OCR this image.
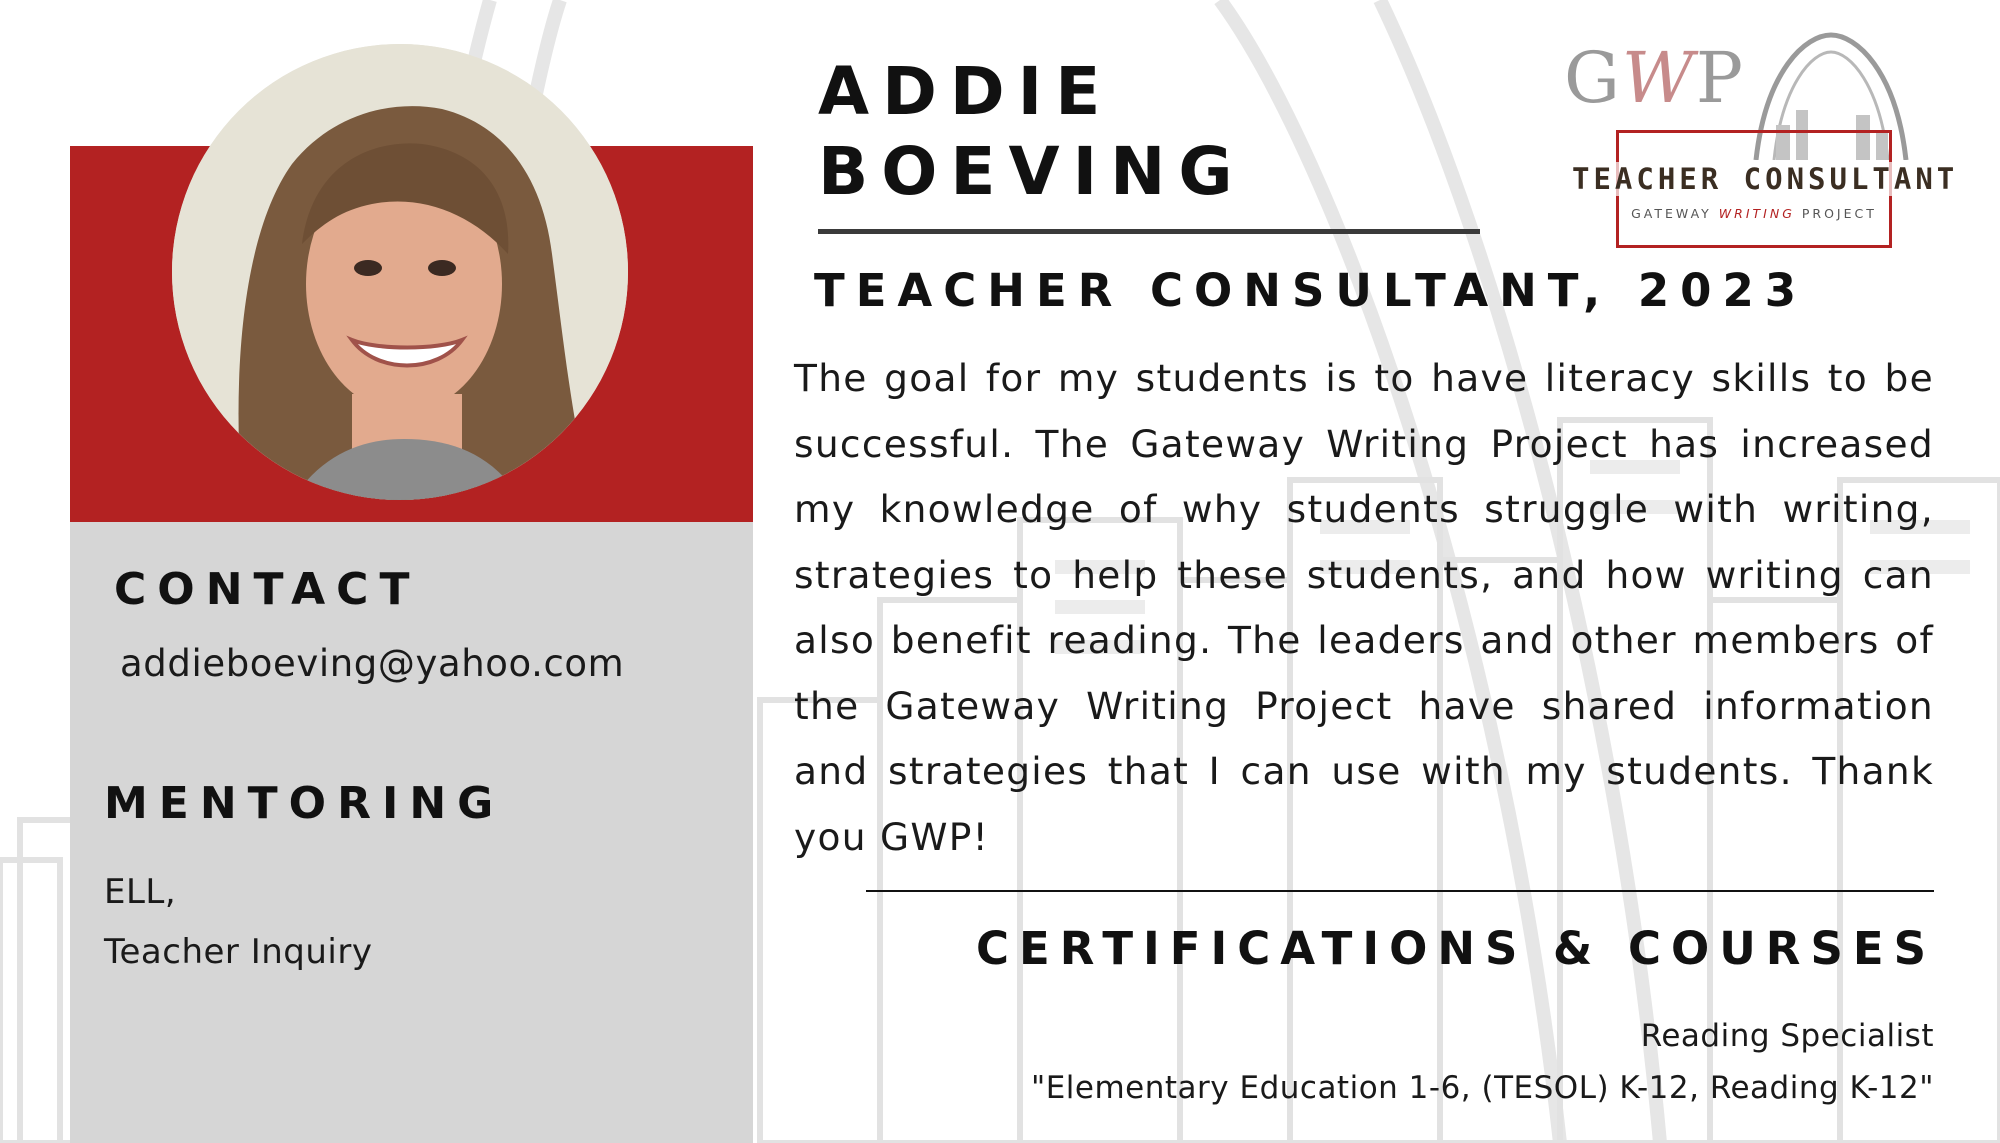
ADDIE
BOEVING
TEACHER CONSULTANT, 2023

The goal for my students is to have literacy skills to be successful. The Gateway Writing Project has increased my knowledge of why students struggle with writing, strategies to help these students, and how writing can also benefit reading. The leaders and other members of the Gateway Writing Project have shared information and strategies that I can use with my students. Thank you GWP!

CERTIFICATIONS & COURSES
Reading Specialist
"Elementary Education 1-6, (TESOL) K-12, Reading K-12"
CONTACT

addieboeving@yahoo.com

MENTORING
ELL,
Teacher Inquiry

GWP

TEACHER CONSULTANT

GATEWAY WRITING PROJECT
